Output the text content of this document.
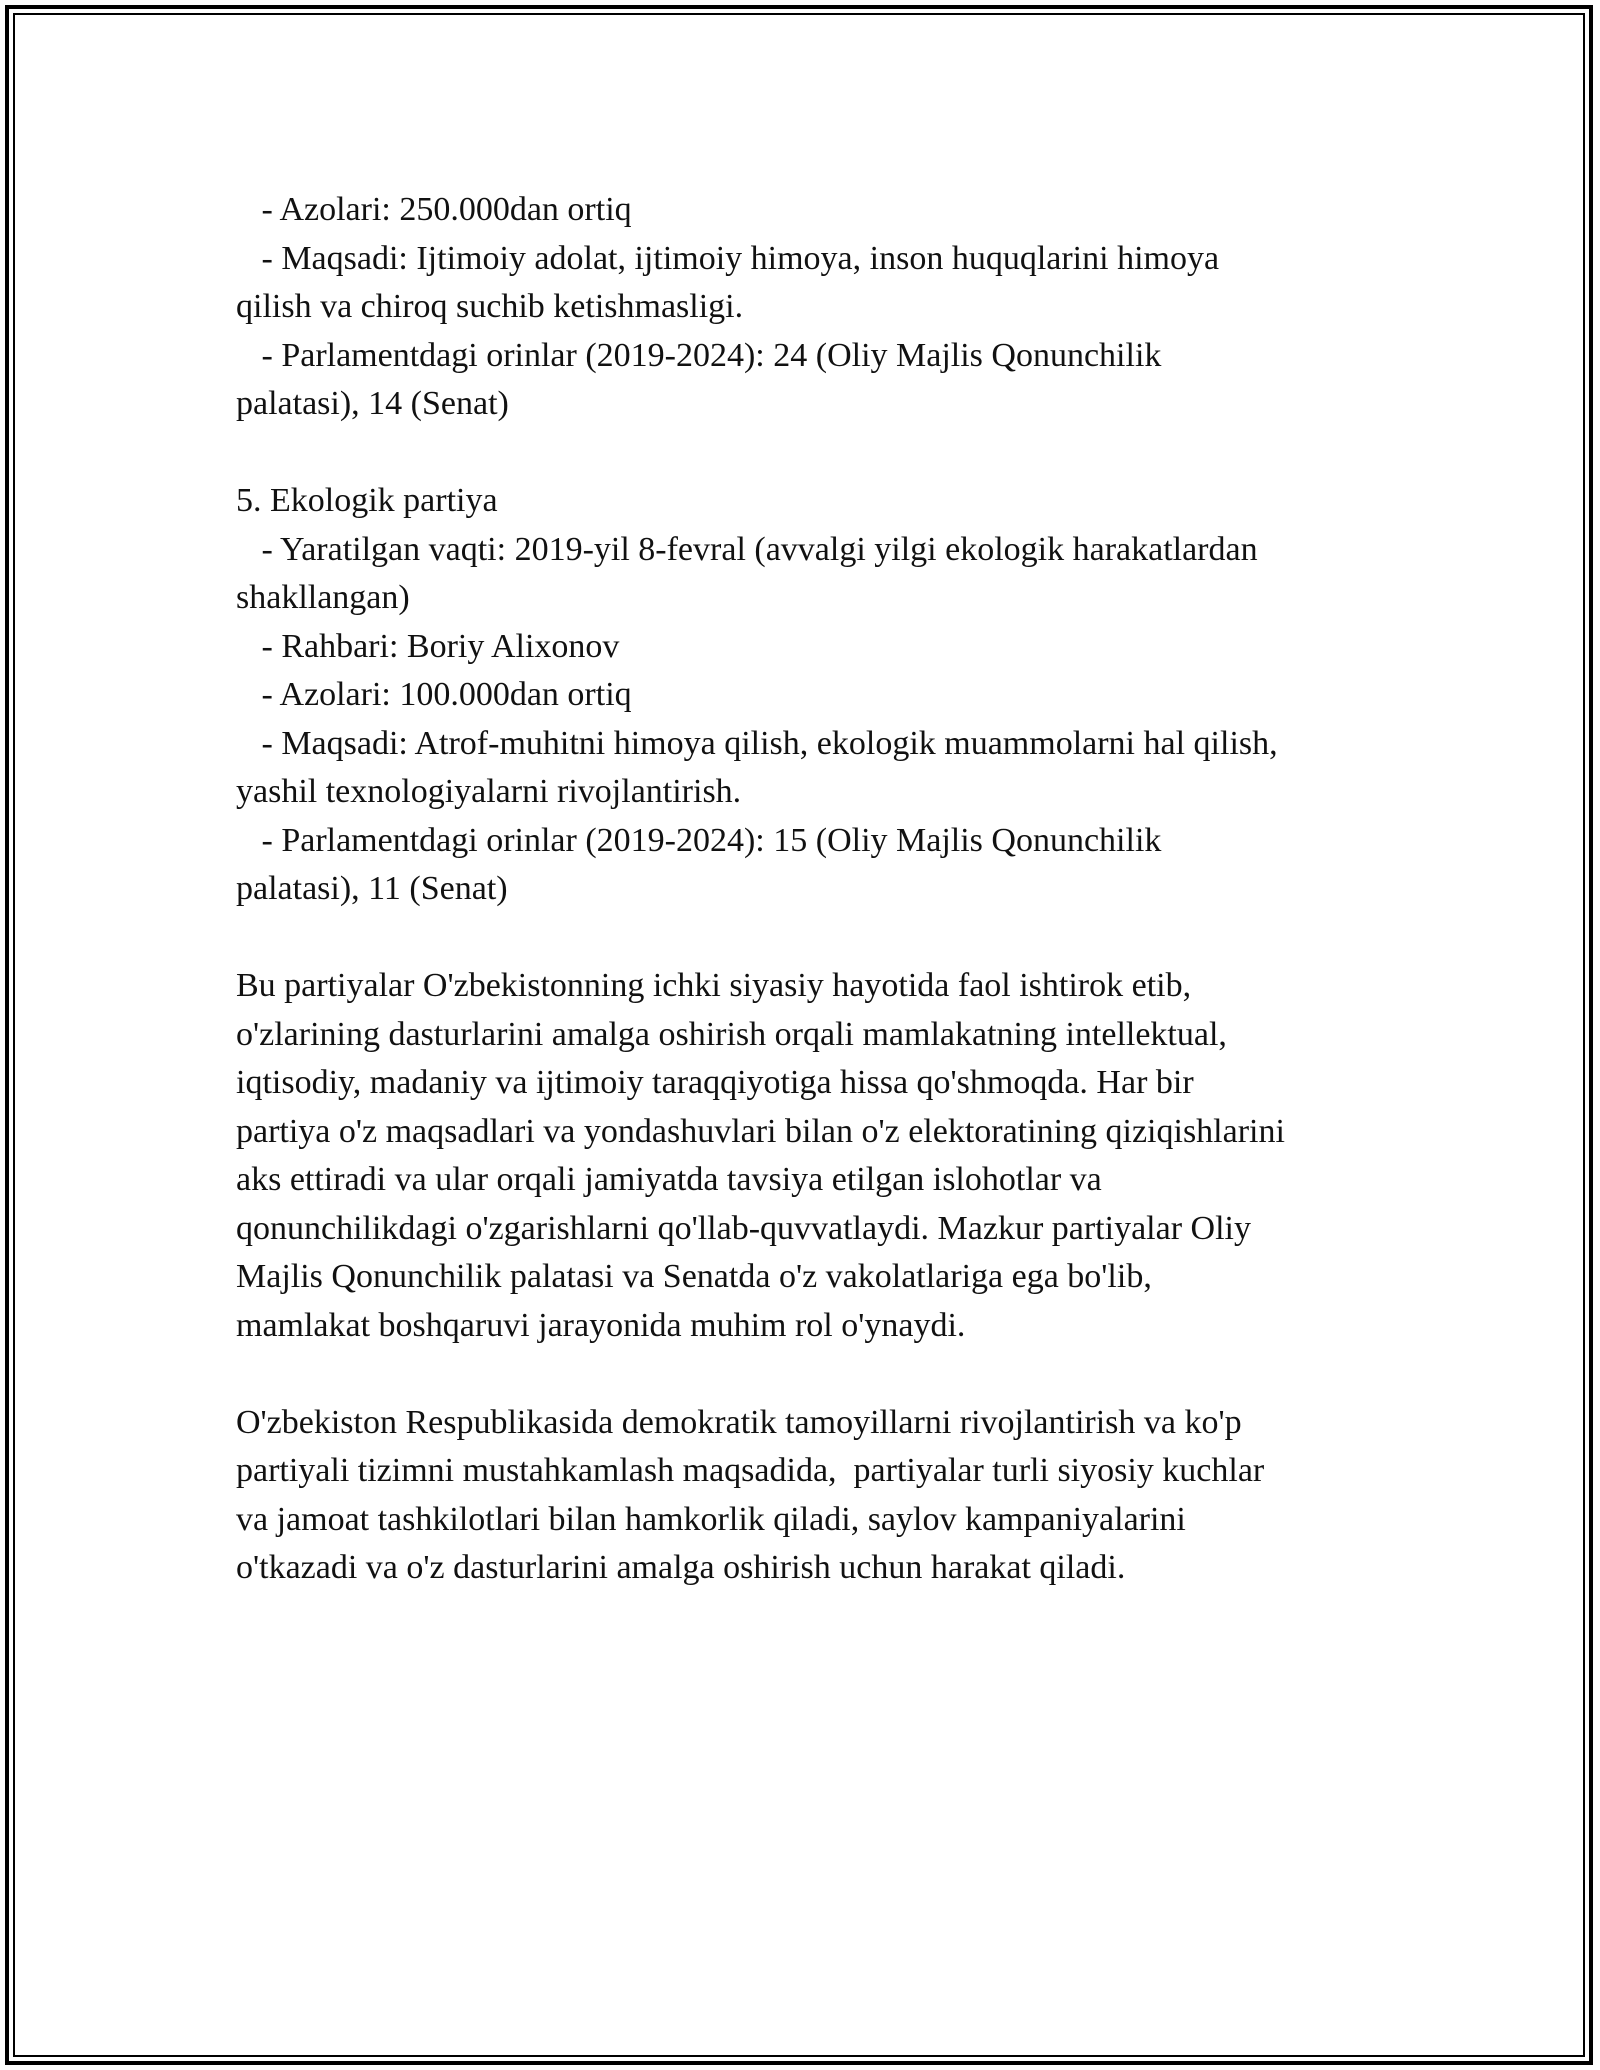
- Azolari: 250.000dan ortiq

- Maqsadi: Ijtimoiy adolat, ijtimoiy himoya, inson huquqlarini himoya

qilish va chiroq suchib ketishmasligi.

- Parlamentdagi orinlar (2019-2024): 24 (Oliy Majlis Qonunchilik

palatasi), 14 (Senat)

5. Ekologik partiya

- Yaratilgan vaqti: 2019-yil 8-fevral (avvalgi yilgi ekologik harakatlardan

shakllangan)

- Rahbari: Boriy Alixonov

- Azolari: 100.000dan ortiq

- Maqsadi: Atrof-muhitni himoya qilish, ekologik muammolarni hal qilish,

yashil texnologiyalarni rivojlantirish.

- Parlamentdagi orinlar (2019-2024): 15 (Oliy Majlis Qonunchilik

palatasi), 11 (Senat)

Bu partiyalar O'zbekistonning ichki siyasiy hayotida faol ishtirok etib,

o'zlarining dasturlarini amalga oshirish orqali mamlakatning intellektual,

iqtisodiy, madaniy va ijtimoiy taraqqiyotiga hissa qo'shmoqda. Har bir

partiya o'z maqsadlari va yondashuvlari bilan o'z elektoratining qiziqishlarini

aks ettiradi va ular orqali jamiyatda tavsiya etilgan islohotlar va

qonunchilikdagi o'zgarishlarni qo'llab-quvvatlaydi. Mazkur partiyalar Oliy

Majlis Qonunchilik palatasi va Senatda o'z vakolatlariga ega bo'lib,

mamlakat boshqaruvi jarayonida muhim rol o'ynaydi.

O'zbekiston Respublikasida demokratik tamoyillarni rivojlantirish va ko'p

partiyali tizimni mustahkamlash maqsadida,  partiyalar turli siyosiy kuchlar

va jamoat tashkilotlari bilan hamkorlik qiladi, saylov kampaniyalarini

o'tkazadi va o'z dasturlarini amalga oshirish uchun harakat qiladi.
